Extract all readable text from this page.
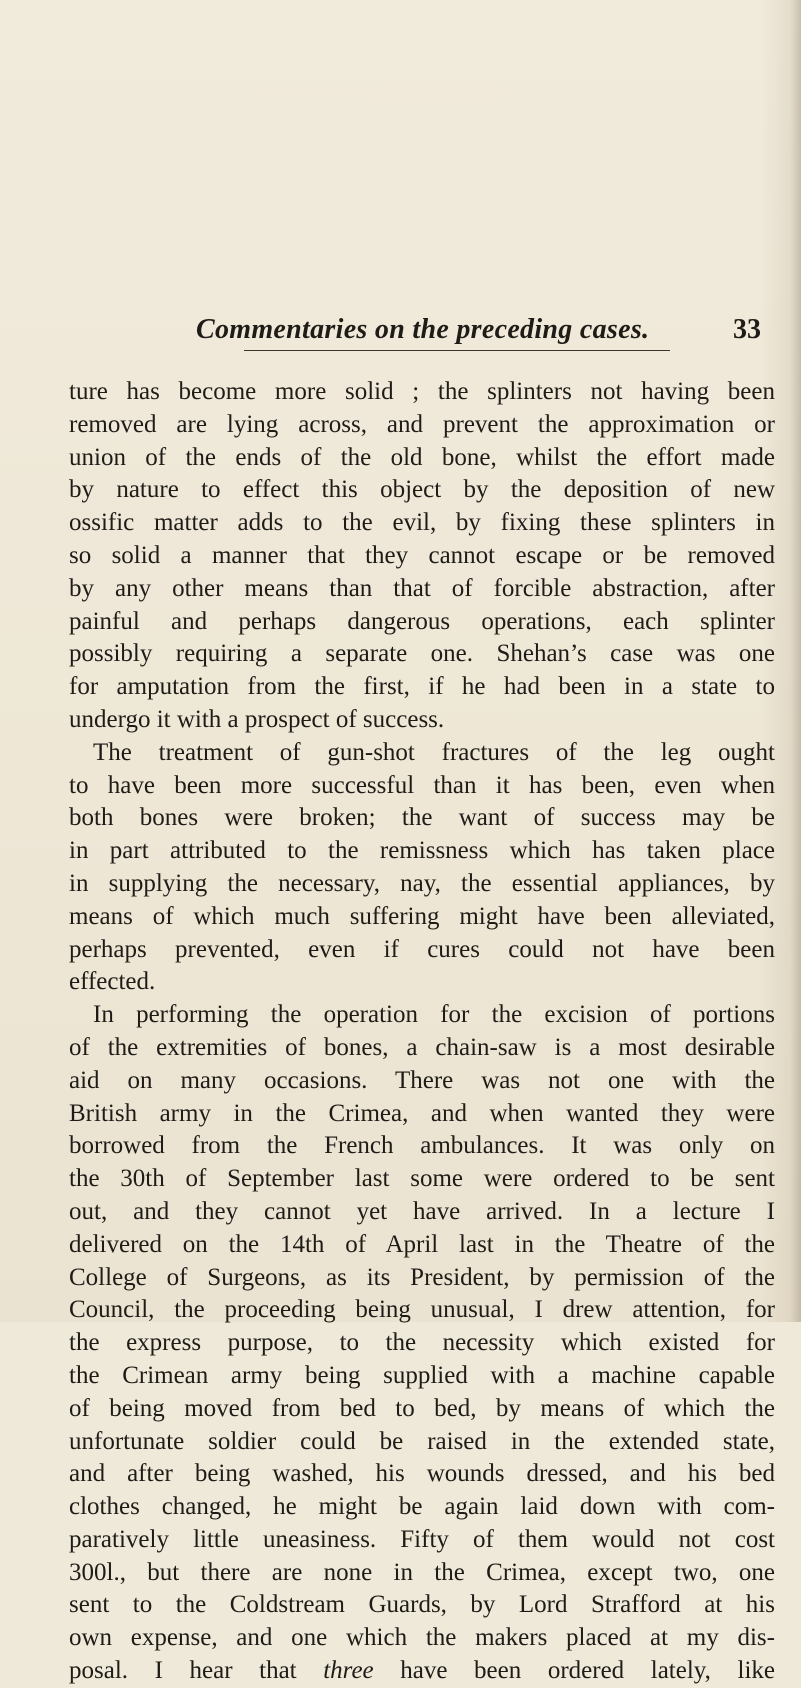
Commentaries on the preceding cases.	33
ture has become more solid ; the splinters not having been
removed are lying across, and prevent the approximation or
union of the ends of the old bone, whilst the effort made
by nature to effect this object by the deposition of new
ossific matter adds to the evil, by fixing these splinters in
so solid a manner that they cannot escape or be removed
by any other means than that of forcible abstraction, after
painful and perhaps dangerous operations, each splinter
possibly requiring a separate one. Shehan’s case was one
for amputation from the first, if he had been in a state to
undergo it with a prospect of success.
The treatment of gun-shot fractures of the leg ought
to have been more successful than it has been, even when
both bones were broken; the want of success may be
in part attributed to the remissness which has taken place
in supplying the necessary, nay, the essential appliances, by
means of which much suffering might have been alleviated,
perhaps prevented, even if cures could not have been
effected.
In performing the operation for the excision of portions
of the extremities of bones, a chain-saw is a most desirable
aid on many occasions. There was not one with the
British army in the Crimea, and when wanted they were
borrowed from the French ambulances. It was only on
the 30th of September last some were ordered to be sent
out, and they cannot yet have arrived. In a lecture I
delivered on the 14th of April last in the Theatre of the
College of Surgeons, as its President, by permission of the
Council, the proceeding being unusual, I drew attention, for
the express purpose, to the necessity which existed for
the Crimean army being supplied with a machine capable
of being moved from bed to bed, by means of which the
unfortunate soldier could be raised in the extended state,
and after being washed, his wounds dressed, and his bed
clothes changed, he might be again laid down with com-
paratively little uneasiness. Fifty of them would not cost
300l., but there are none in the Crimea, except two, one
sent to the Coldstream Guards, by Lord Strafford at his
own expense, and one which the makers placed at my dis-
posal. I hear that three have been ordered lately, like
